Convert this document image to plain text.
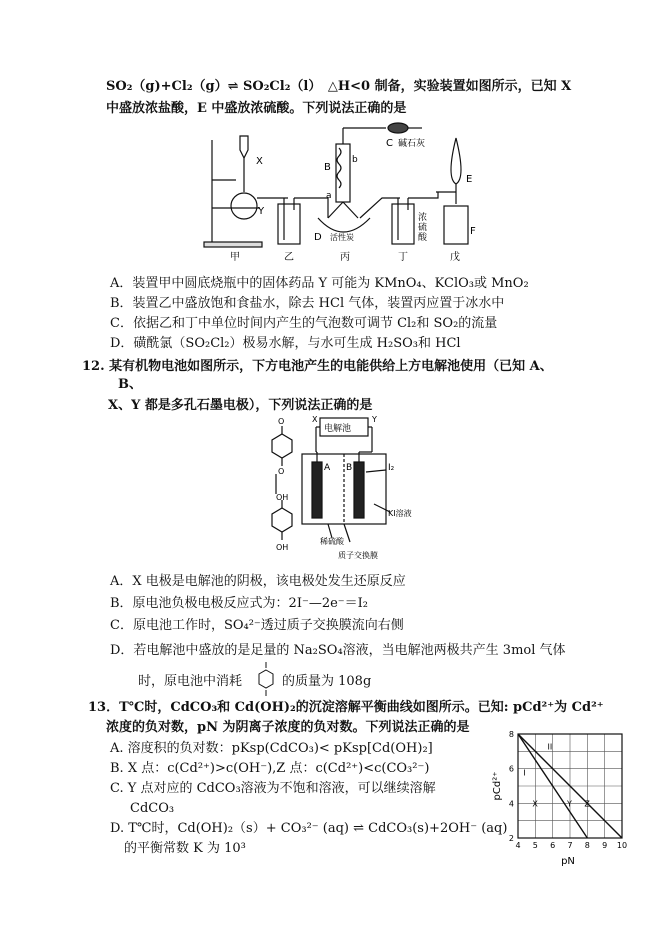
SO₂（g)+Cl₂（g）⇌ SO₂Cl₂（l）　△H<0 制备，实验装置如图所示，已知 X
中盛放浓盐酸，E 中盛放浓硫酸。下列说法正确的是
X
Y
B
b
a
C 碱石灰
D 活性炭
E
F
浓
硫
酸
甲	乙	丙	丁	戊
A．装置甲中圆底烧瓶中的固体药品 Y 可能为 KMnO₄、KClO₃或 MnO₂
B．装置乙中盛放饱和食盐水，除去 HCl 气体，装置丙应置于冰水中
C．依据乙和丁中单位时间内产生的气泡数可调节 Cl₂和 SO₂的流量
D．磺酰氯（SO₂Cl₂）极易水解，与水可生成 H₂SO₃和 HCl
12. 某有机物电池如图所示，下方电池产生的电能供给上方电解池使用（已知 A、
B、
X、Y 都是多孔石墨电极），下列说法正确的是
电解池
X	Y
A B	I₂
KI溶液
稀硫酸
质子交换膜
O
O
OH
OH
A．X 电极是电解池的阴极，该电极处发生还原反应
B．原电池负极电极反应式为：2I⁻—2e⁻＝I₂
C．原电池工作时，SO₄²⁻透过质子交换膜流向右侧
D．若电解池中盛放的是足量的 Na₂SO₄溶液，当电解池两极共产生 3mol 气体
时，原电池中消耗	的质量为 108g
13．T℃时，CdCO₃和 Cd(OH)₂的沉淀溶解平衡曲线如图所示。已知: pCd²⁺为 Cd²⁺
浓度的负对数，pN 为阴离子浓度的负对数。下列说法正确的是
A. 溶度积的负对数：pKsp(CdCO₃)< pKsp[Cd(OH)₂]
B. X 点：c(Cd²⁺)>c(OH⁻),Z 点：c(Cd²⁺)<c(CO₃²⁻)
C. Y 点对应的 CdCO₃溶液为不饱和溶液，可以继续溶解
CdCO₃
D. T℃时，Cd(OH)₂（s）+ CO₃²⁻ (aq) ⇌ CdCO₃(s)+2OH⁻ (aq)
的平衡常数 K 为 10³	4 5 6 7 8 9 10
2
4
6
8
I
II
X	Y Z
pN
pCd²⁺
